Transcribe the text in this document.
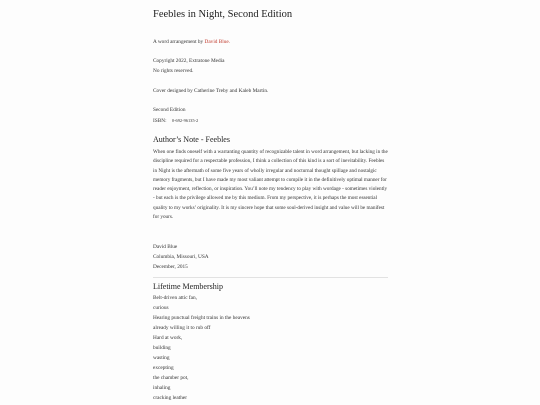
Feebles in Night, Second Edition
A word arrangement by David Blue.
Copyright 2022, Extratone Media
No rights reserved.
Cover designed by Catherine Treby and Kaleb Martin.
Second Edition
ISBN: 0-692-96135-2
Author’s Note - Feebles
When one finds oneself with a warranting quantity of recognizable talent in word arrangement, but lacking in the discipline required for a respectable profession, I think a collection of this kind is a sort of inevitability. Feebles in Night is the aftermath of some five years of wholly irregular and nocturnal thought spillage and nostalgic memory fragments, but I have made my most valiant attempt to compile it in the definitively optimal manner for reader enjoyment, reflection, or inspiration. You’ll note my tendency to play with wordage - sometimes violently - but each is the privilege allowed me by this medium. From my perspective, it is perhaps the most essential quality to my works’ originality. It is my sincere hope that some soul-derived insight and value will be manifest for yours.
David Blue
Columbia, Missouri, USA
December, 2015
Lifetime Membership
Belt-driven attic fan,
curious
Hearing punctual freight trains in the heavens
already willing it to rub off
Hard at work,
building
wasting
excepting
the chamber pot,
inhaling
cracking leather
